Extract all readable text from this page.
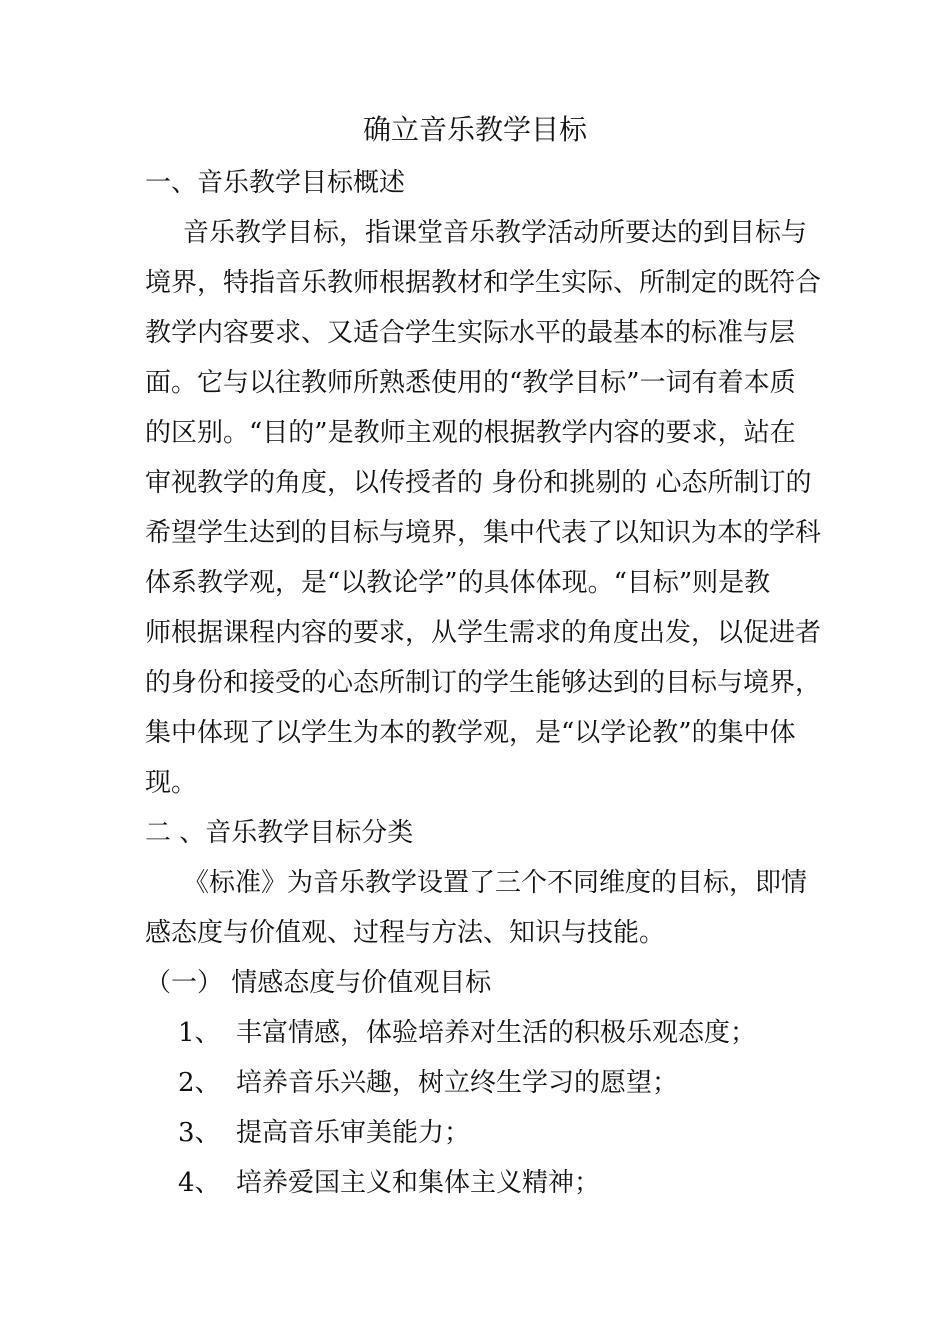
确立音乐教学目标
一、音乐教学目标概述
音乐教学目标，指课堂音乐教学活动所要达的到目标与
境界，特指音乐教师根据教材和学生实际、所制定的既符合
教学内容要求、又适合学生实际水平的最基本的标准与层
面。它与以往教师所熟悉使用的“教学目标”一词有着本质
的区别。“目的”是教师主观的根据教学内容的要求，站在
审视教学的角度，以传授者的 身份和挑剔的 心态所制订的
希望学生达到的目标与境界，集中代表了以知识为本的学科
体系教学观，是“以教论学”的具体体现。“目标”则是教
师根据课程内容的要求，从学生需求的角度出发，以促进者
的身份和接受的心态所制订的学生能够达到的目标与境界，
集中体现了以学生为本的教学观，是“以学论教”的集中体
现。
二 、音乐教学目标分类
《标准》为音乐教学设置了三个不同维度的目标，即情
感态度与价值观、过程与方法、知识与技能。
（一） 情感态度与价值观目标
1、 丰富情感，体验培养对生活的积极乐观态度；
2、 培养音乐兴趣，树立终生学习的愿望；
3、 提高音乐审美能力；
4、 培养爱国主义和集体主义精神；
